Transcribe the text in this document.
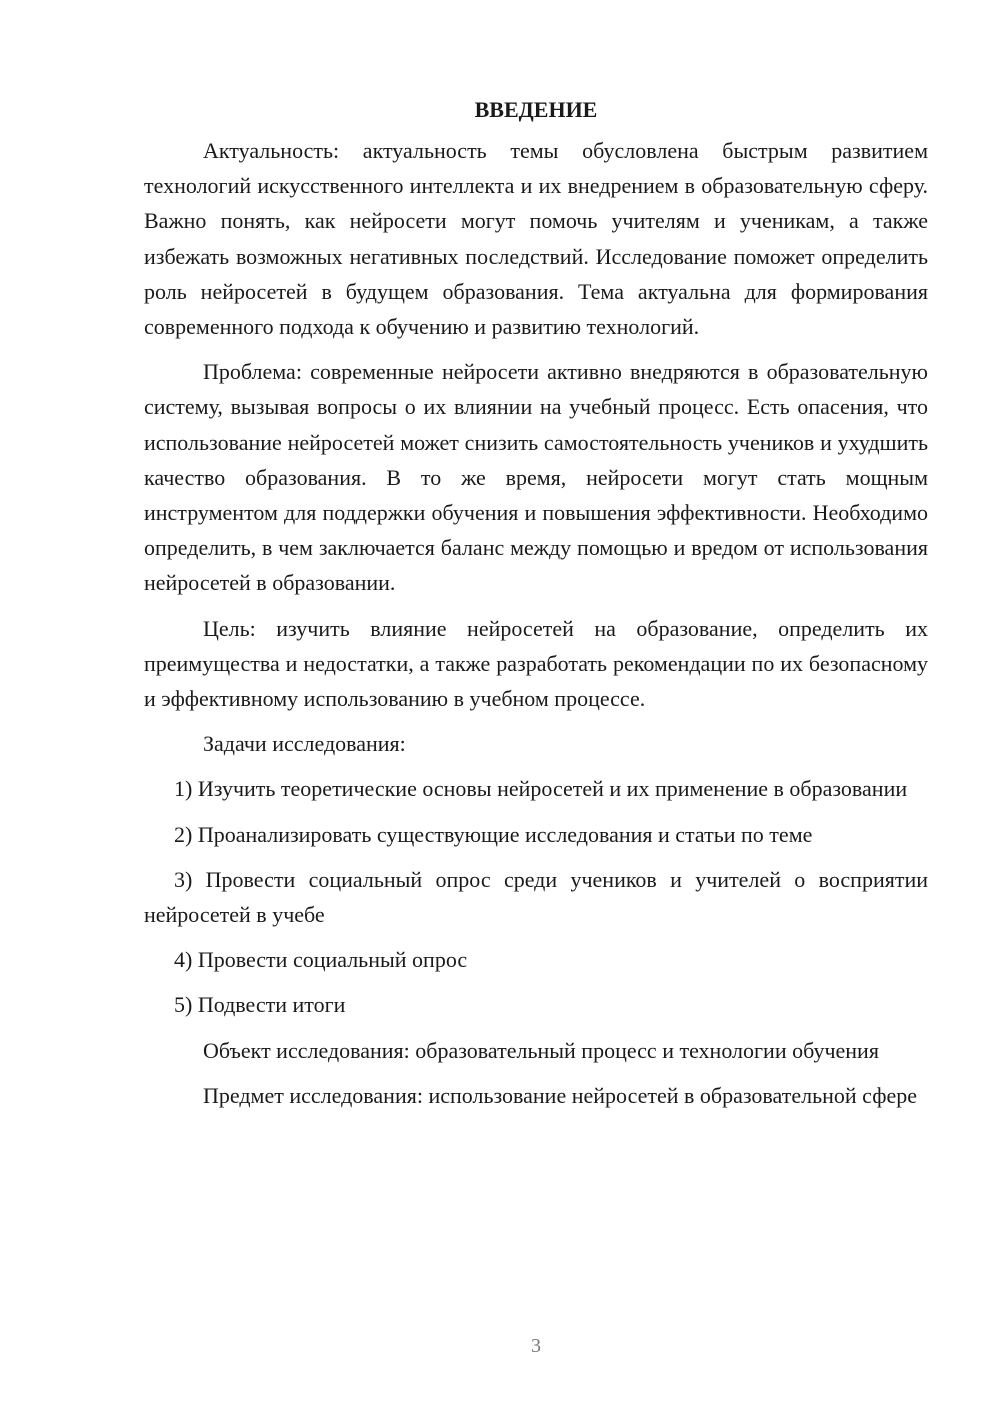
ВВЕДЕНИЕ

Актуальность: актуальность темы обусловлена быстрым развитием технологий искусственного интеллекта и их внедрением в образовательную сферу. Важно понять, как нейросети могут помочь учителям и ученикам, а также избежать возможных негативных последствий. Исследование поможет определить роль нейросетей в будущем образования. Тема актуальна для формирования современного подхода к обучению и развитию технологий.

Проблема: современные нейросети активно внедряются в образовательную систему, вызывая вопросы о их влиянии на учебный процесс. Есть опасения, что использование нейросетей может снизить самостоятельность учеников и ухудшить качество образования. В то же время, нейросети могут стать мощным инструментом для поддержки обучения и повышения эффективности. Необходимо определить, в чем заключается баланс между помощью и вредом от использования нейросетей в образовании.

Цель: изучить влияние нейросетей на образование, определить их преимущества и недостатки, а также разработать рекомендации по их безопасному и эффективному использованию в учебном процессе.

Задачи исследования:

1) Изучить теоретические основы нейросетей и их применение в образовании

2) Проанализировать существующие исследования и статьи по теме

3) Провести социальный опрос среди учеников и учителей о восприятии нейросетей в учебе

4) Провести социальный опрос

5) Подвести итоги

Объект исследования: образовательный процесс и технологии обучения

Предмет исследования: использование нейросетей в образовательной сфере

3
